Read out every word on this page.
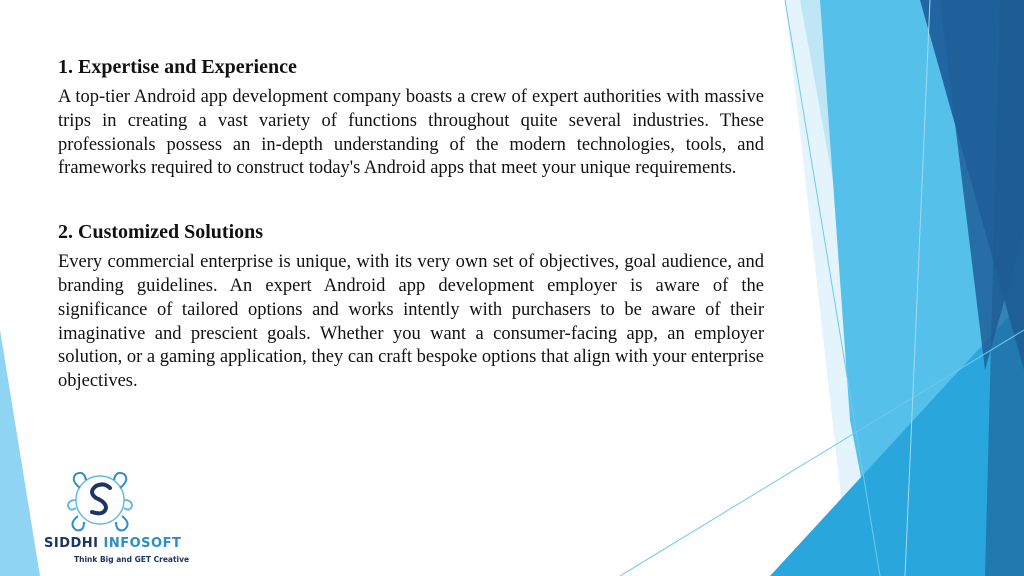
1. Expertise and Experience

A top-tier Android app development company boasts a crew of expert authorities with massive trips in creating a vast variety of functions throughout quite several industries. These professionals possess an in-depth understanding of the modern technologies, tools, and frameworks required to construct today's Android apps that meet your unique requirements.

2. Customized Solutions

Every commercial enterprise is unique, with its very own set of objectives, goal audience, and branding guidelines. An expert Android app development employer is aware of the significance of tailored options and works intently with purchasers to be aware of their imaginative and prescient goals. Whether you want a consumer-facing app, an employer solution, or a gaming application, they can craft bespoke options that align with your enterprise objectives.

SIDDHI INFOSOFT
Think Big and GET Creative
